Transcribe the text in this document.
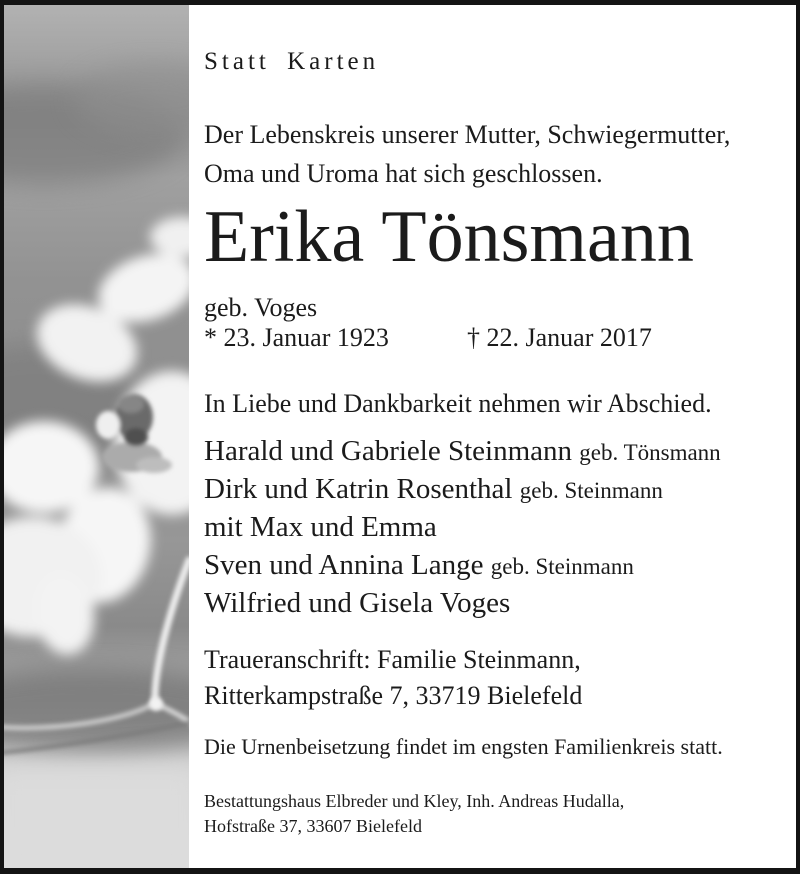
Statt Karten
Der Lebenskreis unserer Mutter, Schwiegermutter,
Oma und Uroma hat sich geschlossen.
Erika Tönsmann
geb. Voges
* 23. Januar 1923	† 22. Januar 2017
In Liebe und Dankbarkeit nehmen wir Abschied.
Harald und Gabriele Steinmann geb. Tönsmann
Dirk und Katrin Rosenthal geb. Steinmann
mit Max und Emma
Sven und Annina Lange geb. Steinmann
Wilfried und Gisela Voges
Traueranschrift: Familie Steinmann,
Ritterkampstraße 7, 33719 Bielefeld
Die Urnenbeisetzung findet im engsten Familienkreis statt.
Bestattungshaus Elbreder und Kley, Inh. Andreas Hudalla,
Hofstraße 37, 33607 Bielefeld
